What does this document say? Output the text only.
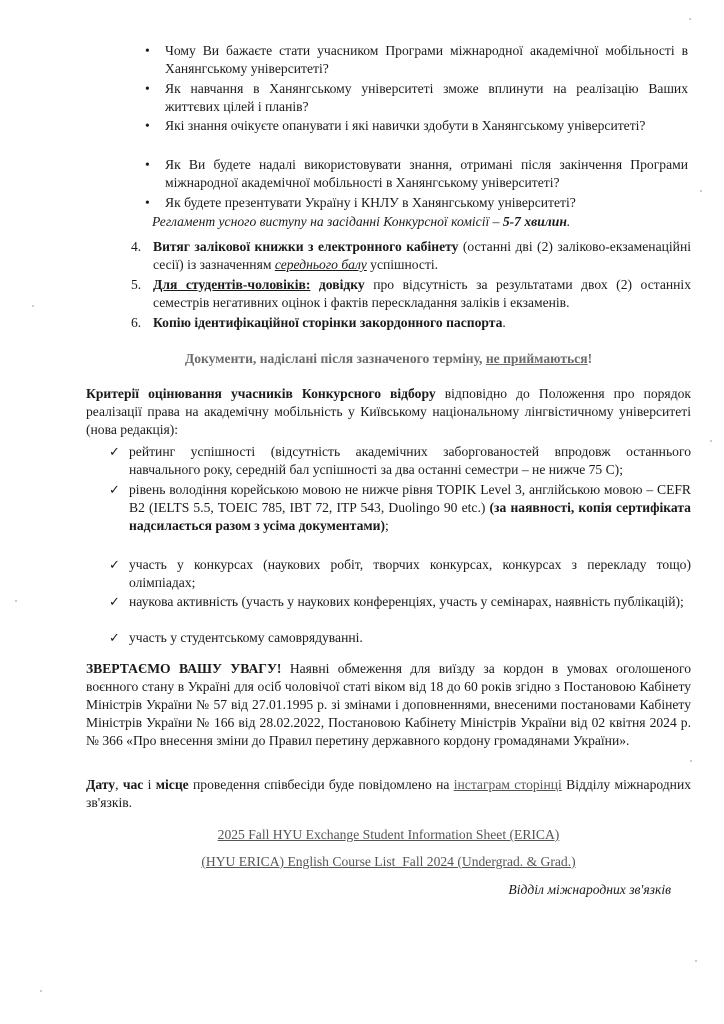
•	Чому Ви бажаєте стати учасником Програми міжнародної академічної мобільності в Ханянгському університеті?
•	Як навчання в Ханянгському університеті зможе вплинути на реалізацію Ваших життєвих цілей і планів?
•	Які знання очікуєте опанувати і які навички здобути в Ханянгському університеті?
•	Як Ви будете надалі використовувати знання, отримані після закінчення Програми міжнародної академічної мобільності в Ханянгському університеті?
•	Як будете презентувати Україну і КНЛУ в Ханянгському університеті?
Регламент усного виступу на засіданні Конкурсної комісії – 5-7 хвилин.
4. Витяг залікової книжки з електронного кабінету (останні дві (2) заліково-екзаменаційні сесії) із зазначенням середнього балу успішності.
5. Для студентів-чоловіків: довідку про відсутність за результатами двох (2) останніх семестрів негативних оцінок і фактів перескладання заліків і екзаменів.
6. Копію ідентифікаційної сторінки закордонного паспорта.
Документи, надіслані після зазначеного терміну, не приймаються!
Критерії оцінювання учасників Конкурсного відбору відповідно до Положення про порядок реалізації права на академічну мобільність у Київському національному лінгвістичному університеті (нова редакція):
✓ рейтинг успішності (відсутність академічних заборгованостей впродовж останнього навчального року, середній бал успішності за два останні семестри – не нижче 75 С);
✓ рівень володіння корейською мовою не нижче рівня TOPIK Level 3, англійською мовою – CEFR B2 (IELTS 5.5, TOEIC 785, IBT 72, ITP 543, Duolingo 90 etc.) (за наявності, копія сертифіката надсилається разом з усіма документами);
✓ участь у конкурсах (наукових робіт, творчих конкурсах, конкурсах з перекладу тощо) олімпіадах;
✓ наукова активність (участь у наукових конференціях, участь у семінарах, наявність публікацій);
✓ участь у студентському самоврядуванні.
ЗВЕРТАЄМО ВАШУ УВАГУ! Наявні обмеження для виїзду за кордон в умовах оголошеного воєнного стану в Україні для осіб чоловічої статі віком від 18 до 60 років згідно з Постановою Кабінету Міністрів України № 57 від 27.01.1995 р. зі змінами і доповненнями, внесеними постановами Кабінету Міністрів України № 166 від 28.02.2022, Постановою Кабінету Міністрів України від 02 квітня 2024 р. № 366 «Про внесення зміни до Правил перетину державного кордону громадянами України».
Дату, час і місце проведення співбесіди буде повідомлено на інстаграм сторінці Відділу міжнародних зв'язків.
2025 Fall HYU Exchange Student Information Sheet (ERICA)
(HYU ERICA) English Course List_Fall 2024 (Undergrad. & Grad.)
Відділ міжнародних зв'язків
